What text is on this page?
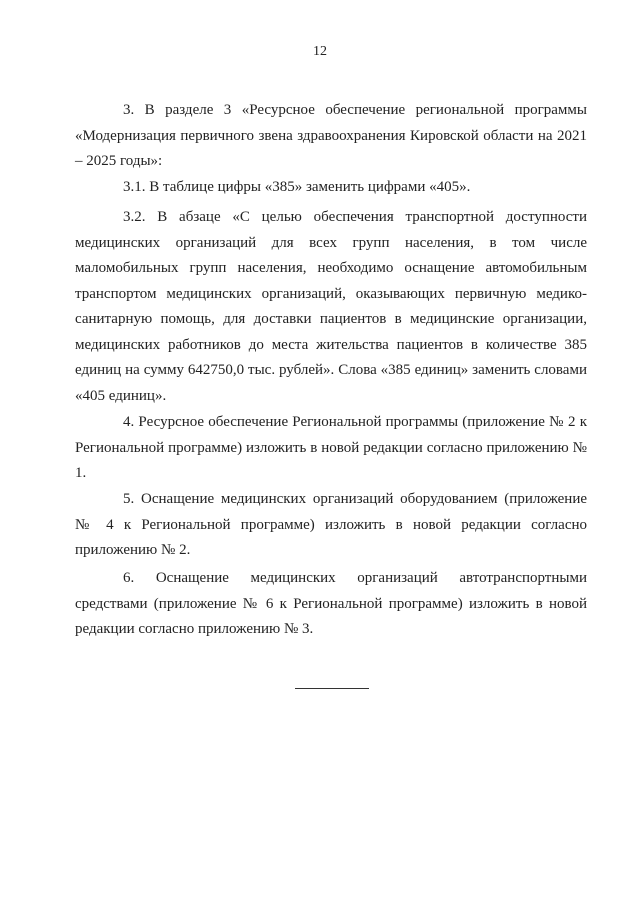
12

3. В разделе 3 «Ресурсное обеспечение региональной программы «Модернизация первичного звена здравоохранения Кировской области на 2021 – 2025 годы»:

3.1. В таблице цифры «385» заменить цифрами «405».

3.2. В абзаце «С целью обеспечения транспортной доступности медицинских организаций для всех групп населения, в том числе маломобильных групп населения, необходимо оснащение автомобильным транспортом медицинских организаций, оказывающих первичную медико-санитарную помощь, для доставки пациентов в медицинские организации, медицинских работников до места жительства пациентов в количестве 385 единиц на сумму 642750,0 тыс. рублей». Слова «385 единиц» заменить словами «405 единиц».

4. Ресурсное обеспечение Региональной программы (приложение № 2 к Региональной программе) изложить в новой редакции согласно приложению № 1.

5. Оснащение медицинских организаций оборудованием (приложение № 4 к Региональной программе) изложить в новой редакции согласно приложению № 2.

6. Оснащение медицинских организаций автотранспортными средствами (приложение № 6 к Региональной программе) изложить в новой редакции согласно приложению № 3.
